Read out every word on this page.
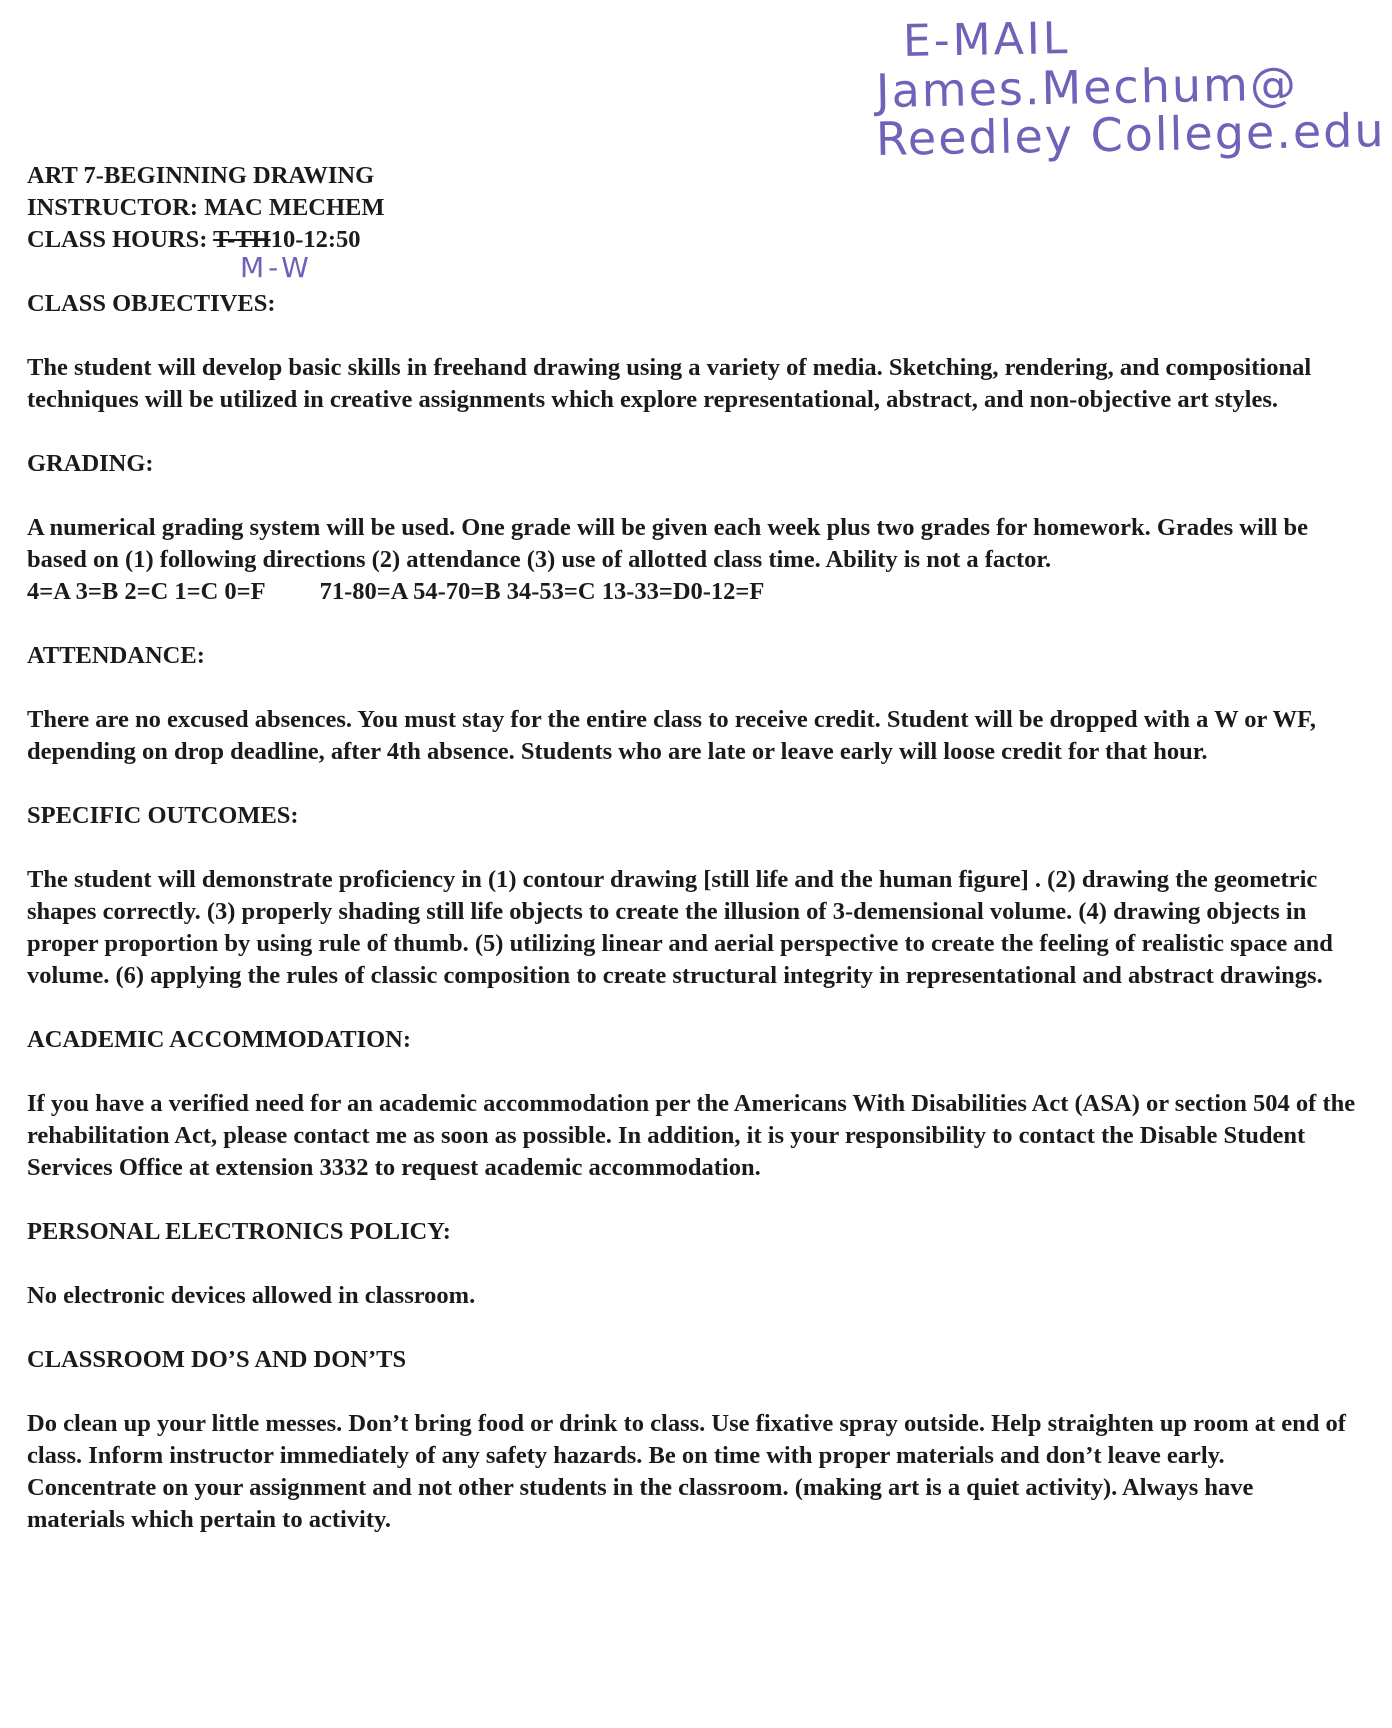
E-MAIL
James.Mechum@
Reedley College.edu
ART 7-BEGINNING DRAWING
INSTRUCTOR: MAC MECHEM
CLASS HOURS: T-TH10-12:50
M-W
CLASS OBJECTIVES:

The student will develop basic skills in freehand drawing using a variety of media. Sketching, rendering, and compositional techniques will be utilized in creative assignments which explore representational, abstract, and non-objective art styles.

GRADING:

A numerical grading system will be used. One grade will be given each week plus two grades for homework. Grades will be based on (1) following directions (2) attendance (3) use of allotted class time. Ability is not a factor.

4=A 3=B 2=C 1=C 0=F 71-80=A 54-70=B 34-53=C 13-33=D0-12=F
ATTENDANCE:

There are no excused absences. You must stay for the entire class to receive credit. Student will be dropped with a W or WF, depending on drop deadline, after 4th absence. Students who are late or leave early will loose credit for that hour.

SPECIFIC OUTCOMES:

The student will demonstrate proficiency in (1) contour drawing [still life and the human figure] . (2) drawing the geometric shapes correctly. (3) properly shading still life objects to create the illusion of 3-demensional volume. (4) drawing objects in proper proportion by using rule of thumb. (5) utilizing linear and aerial perspective to create the feeling of realistic space and volume. (6) applying the rules of classic composition to create structural integrity in representational and abstract drawings.

ACADEMIC ACCOMMODATION:

If you have a verified need for an academic accommodation per the Americans With Disabilities Act (ASA) or section 504 of the rehabilitation Act, please contact me as soon as possible. In addition, it is your responsibility to contact the Disable Student Services Office at extension 3332 to request academic accommodation.

PERSONAL ELECTRONICS POLICY:

No electronic devices allowed in classroom.

CLASSROOM DO’S AND DON’TS

Do clean up your little messes. Don’t bring food or drink to class. Use fixative spray outside. Help straighten up room at end of class. Inform instructor immediately of any safety hazards. Be on time with proper materials and don’t leave early. Concentrate on your assignment and not other students in the classroom. (making art is a quiet activity). Always have materials which pertain to activity.
